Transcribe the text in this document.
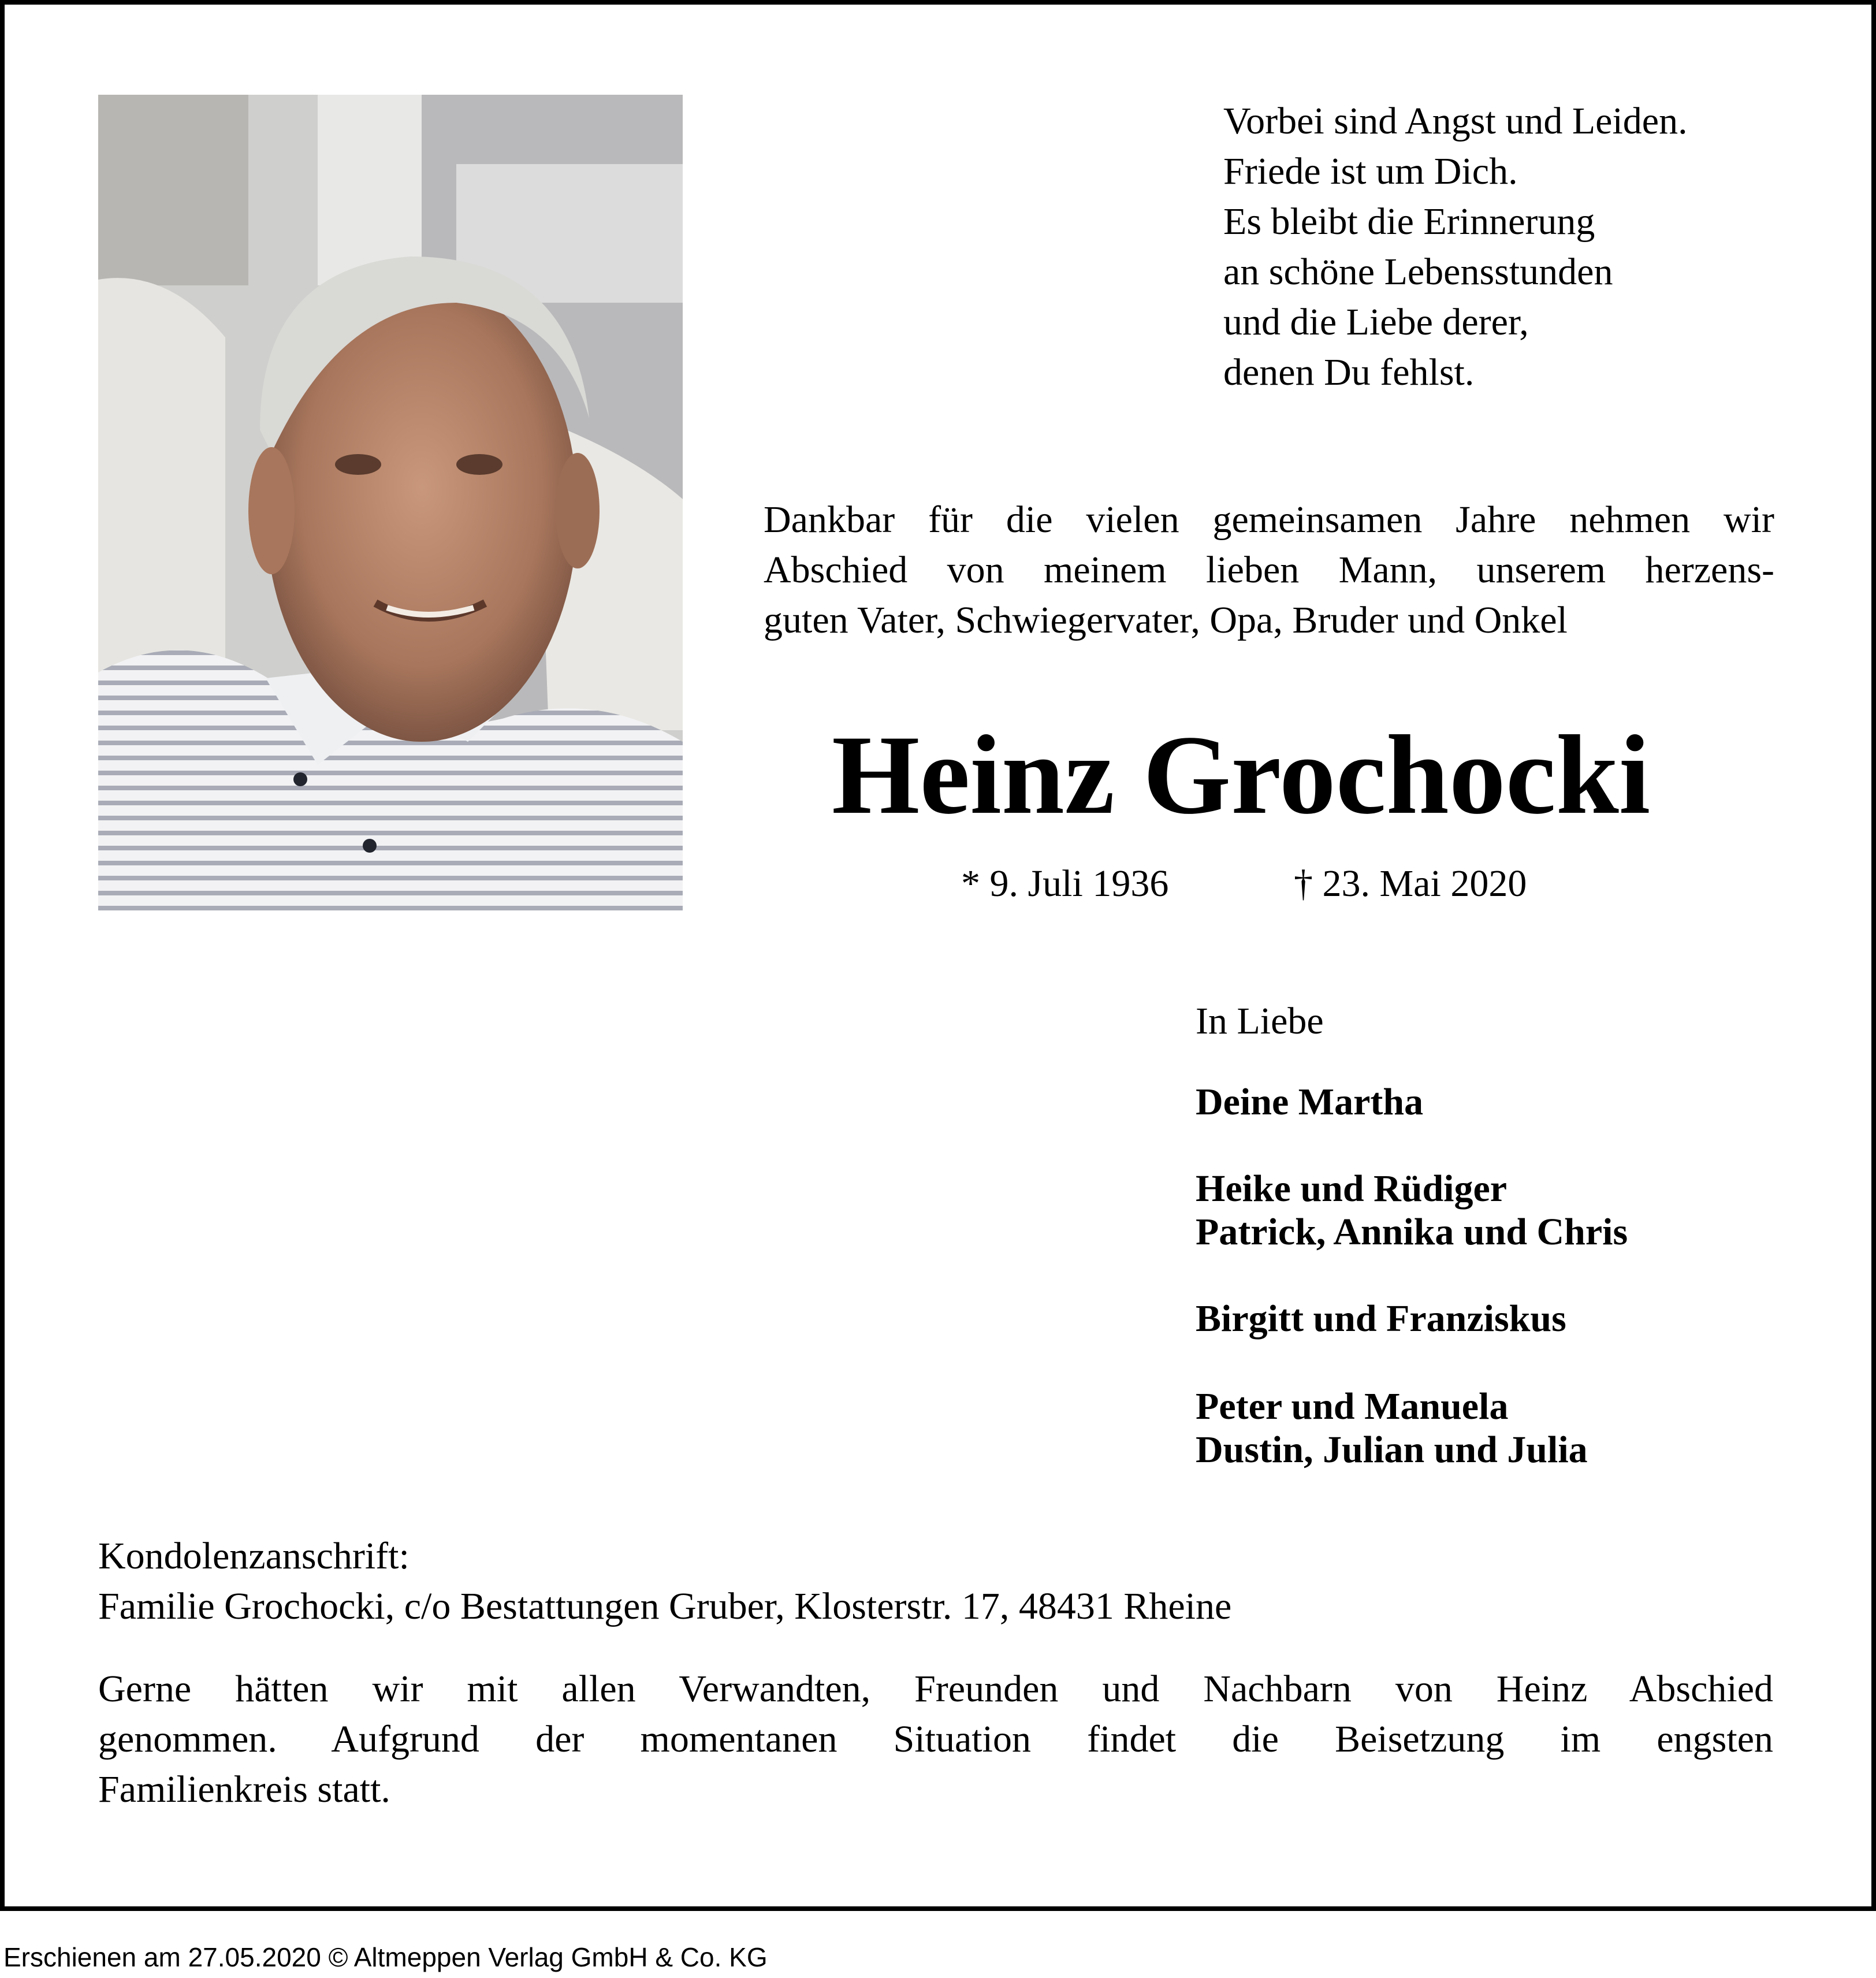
Vorbei sind Angst und Leiden.
Friede ist um Dich.
Es bleibt die Erinnerung
an schöne Lebensstunden
und die Liebe derer,
denen Du fehlst.
Dankbar für die vielen gemeinsamen Jahre nehmen wir
Abschied von meinem lieben Mann, unserem herzens-
guten Vater, Schwiegervater, Opa, Bruder und Onkel
Heinz Grochocki
* 9. Juli 1936	† 23. Mai 2020
In Liebe
Deine Martha
Heike und Rüdiger
Patrick, Annika und Chris
Birgitt und Franziskus
Peter und Manuela
Dustin, Julian und Julia
Kondolenzanschrift:
Familie Grochocki, c/o Bestattungen Gruber, Klosterstr. 17, 48431 Rheine
Gerne hätten wir mit allen Verwandten, Freunden und Nachbarn von Heinz Abschied
genommen. Aufgrund der momentanen Situation findet die Beisetzung im engsten
Familienkreis statt.
Erschienen am 27.05.2020 © Altmeppen Verlag GmbH & Co. KG
